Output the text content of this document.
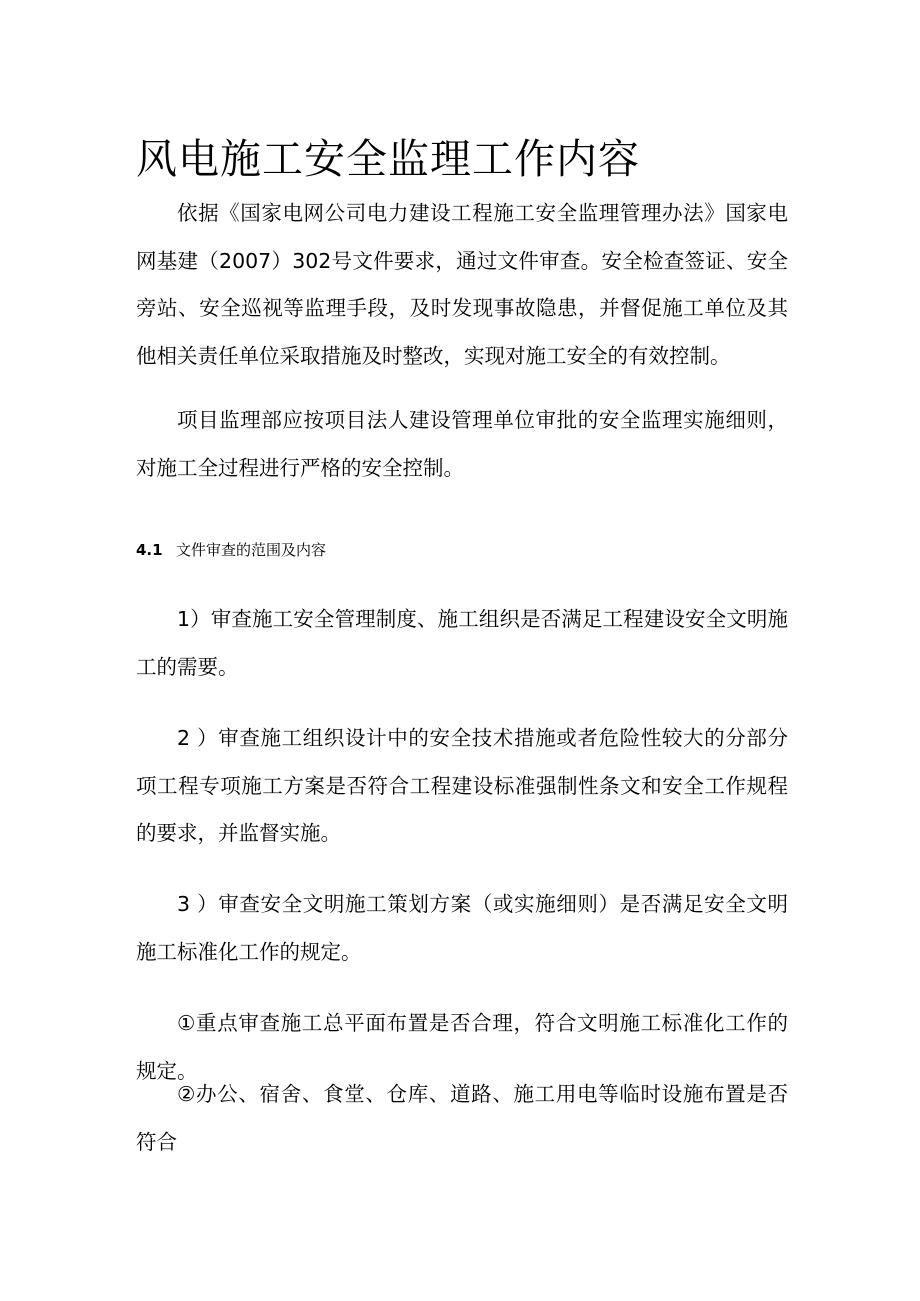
风电施工安全监理工作内容

依据《国家电网公司电力建设工程施工安全监理管理办法》国家电网基建（2007）302号文件要求，通过文件审查。安全检查签证、安全旁站、安全巡视等监理手段，及时发现事故隐患，并督促施工单位及其他相关责任单位采取措施及时整改，实现对施工安全的有效控制。

项目监理部应按项目法人建设管理单位审批的安全监理实施细则，对施工全过程进行严格的安全控制。

4.1 文件审查的范围及内容

1）审查施工安全管理制度、施工组织是否满足工程建设安全文明施工的需要。

2 ）审查施工组织设计中的安全技术措施或者危险性较大的分部分项工程专项施工方案是否符合工程建设标准强制性条文和安全工作规程的要求，并监督实施。

3 ）审查安全文明施工策划方案（或实施细则）是否满足安全文明施工标准化工作的规定。

①重点审查施工总平面布置是否合理，符合文明施工标准化工作的规定。

②办公、宿舍、食堂、仓库、道路、施工用电等临时设施布置是否符合
